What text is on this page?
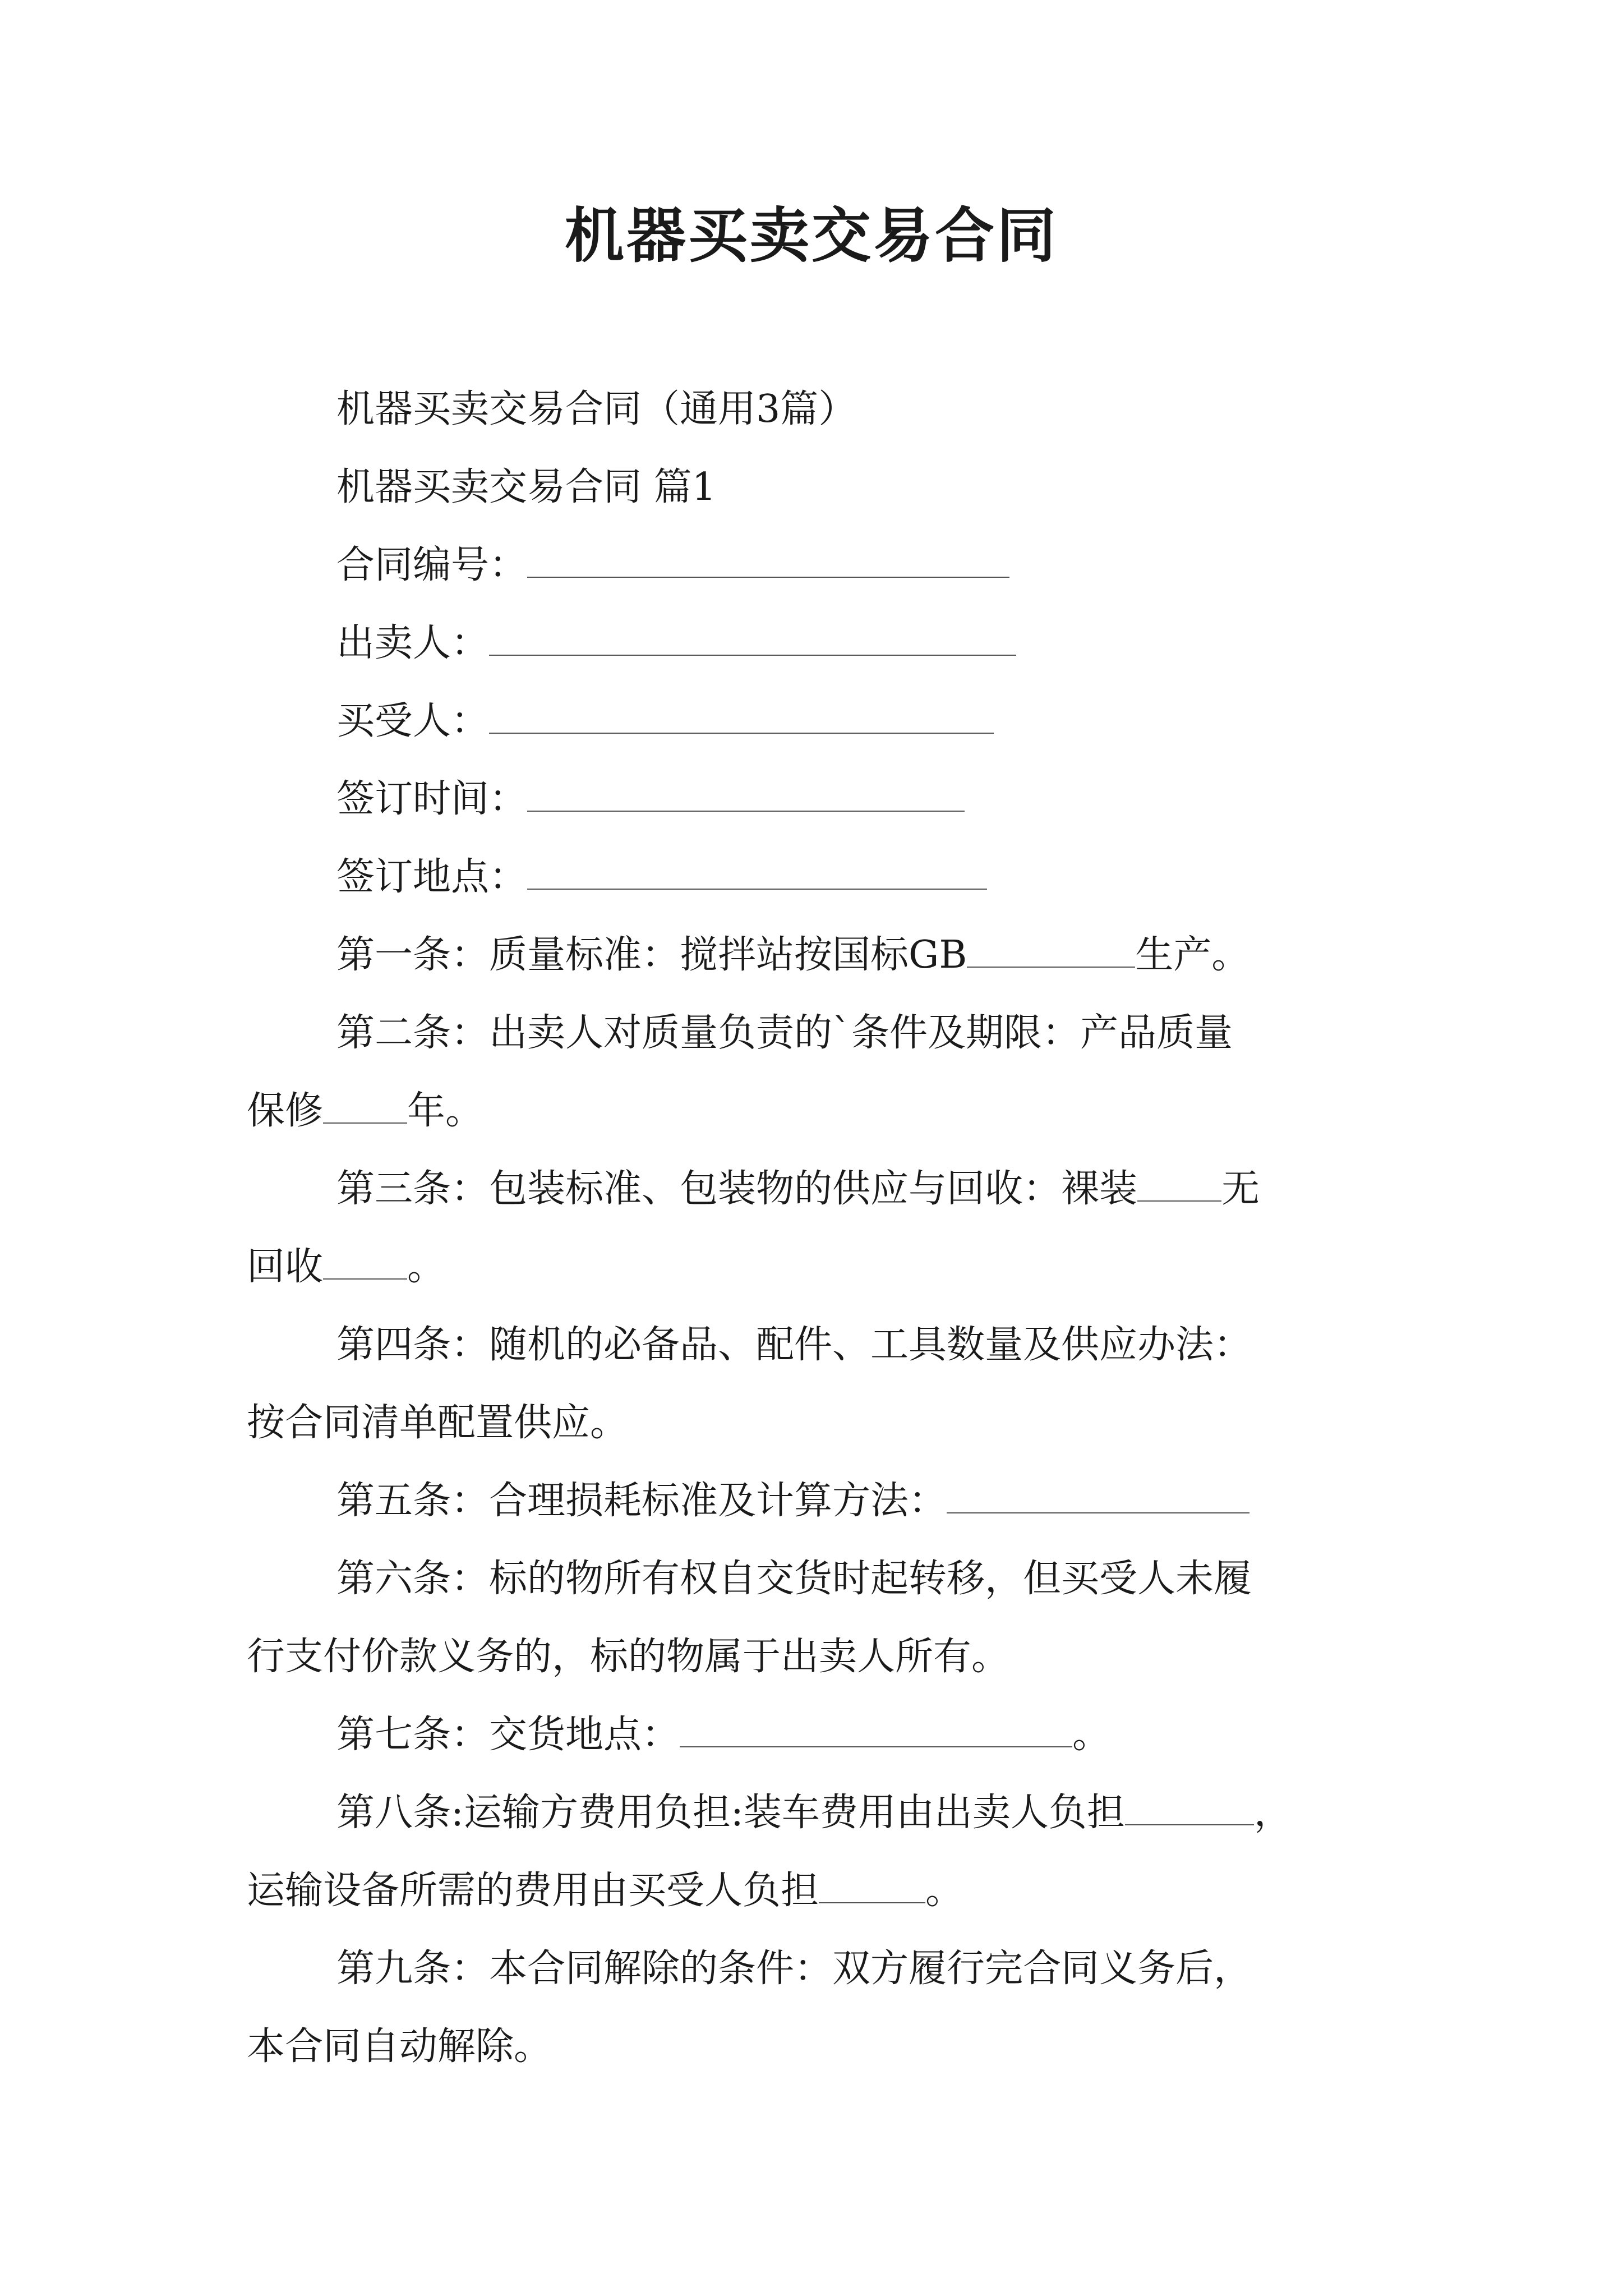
机器买卖交易合同
机器买卖交易合同（通用3篇）
机器买卖交易合同 篇1
合同编号：
出卖人：
买受人：
签订时间：
签订地点：
第一条：质量标准：搅拌站按国标GB	生产。
第二条：出卖人对质量负责的`条件及期限：产品质量
保修 年。
第三条：包装标准、包装物的供应与回收：裸装 无
回收 。
第四条：随机的必备品、配件、工具数量及供应办法：
按合同清单配置供应。
第五条：合理损耗标准及计算方法：
第六条：标的物所有权自交货时起转移，但买受人未履
行支付价款义务的，标的物属于出卖人所有。
第七条：交货地点：	。
第八条:运输方费用负担:装车费用由出卖人负担	，
运输设备所需的费用由买受人负担	。
第九条：本合同解除的条件：双方履行完合同义务后，
本合同自动解除。
